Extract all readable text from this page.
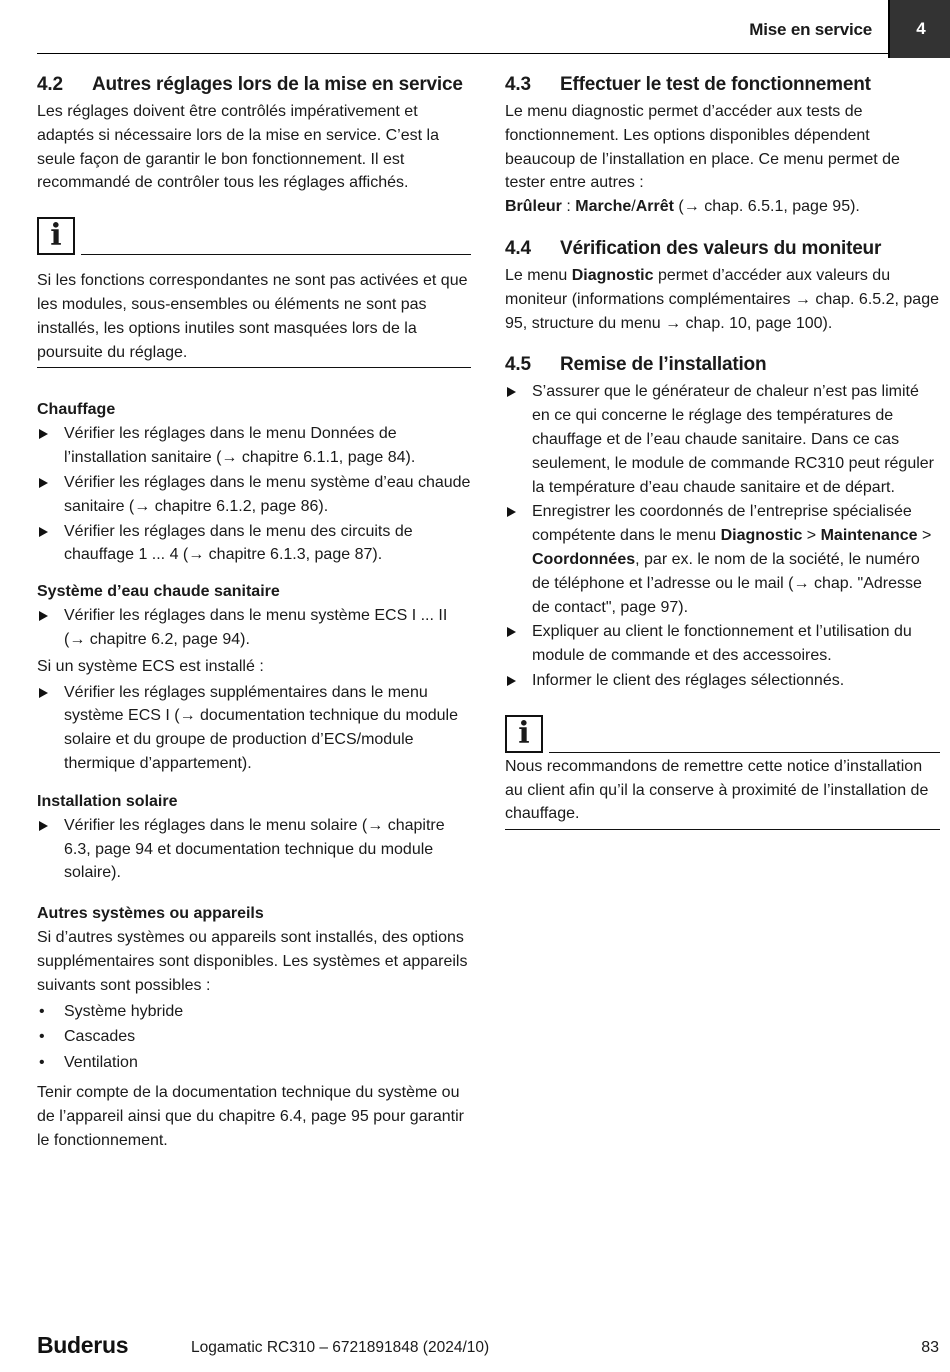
Mise en service	4
4.2 Autres réglages lors de la mise en service

Les réglages doivent être contrôlés impérativement et adaptés si nécessaire lors de la mise en service. C’est la seule façon de garantir le bon fonctionnement. Il est recommandé de contrôler tous les réglages affichés.

i
Si les fonctions correspondantes ne sont pas activées et que les modules, sous-ensembles ou éléments ne sont pas installés, les options inutiles sont masquées lors de la poursuite du réglage.
Chauffage
Vérifier les réglages dans le menu Données de l’installation sanitaire (→ chapitre 6.1.1, page 84).
Vérifier les réglages dans le menu système d’eau chaude sanitaire (→ chapitre 6.1.2, page 86).
Vérifier les réglages dans le menu des circuits de chauffage 1 ... 4 (→ chapitre 6.1.3, page 87).
Système d’eau chaude sanitaire
Vérifier les réglages dans le menu système ECS I ... II (→ chapitre 6.2, page 94).

Si un système ECS est installé :

Vérifier les réglages supplémentaires dans le menu système ECS I (→ documentation technique du module solaire et du groupe de production d’ECS/module thermique d’appartement).
Installation solaire
Vérifier les réglages dans le menu solaire (→ chapitre 6.3, page 94 et documentation technique du module solaire).
Autres systèmes ou appareils

Si d’autres systèmes ou appareils sont installés, des options supplémentaires sont disponibles. Les systèmes et appareils suivants sont possibles :

• Système hybride
• Cascades
• Ventilation

Tenir compte de la documentation technique du système ou de l’appareil ainsi que du chapitre 6.4, page 95 pour garantir le fonctionnement.

4.3 Effectuer le test de fonctionnement

Le menu diagnostic permet d’accéder aux tests de fonctionnement. Les options disponibles dépendent beaucoup de l’installation en place. Ce menu permet de tester entre autres :
Brûleur : Marche/Arrêt (→ chap. 6.5.1, page 95).

4.4 Vérification des valeurs du moniteur

Le menu Diagnostic permet d’accéder aux valeurs du moniteur (informations complémentaires → chap. 6.5.2, page 95, structure du menu → chap. 10, page 100).

4.5 Remise de l’installation
S’assurer que le générateur de chaleur n’est pas limité en ce qui concerne le réglage des températures de chauffage et de l’eau chaude sanitaire. Dans ce cas seulement, le module de commande RC310 peut réguler la température d’eau chaude sanitaire et de départ.
Enregistrer les coordonnés de l’entreprise spécialisée compétente dans le menu Diagnostic > Maintenance > Coordonnées, par ex. le nom de la société, le numéro de téléphone et l’adresse ou le mail (→ chap. "Adresse de contact", page 97).
Expliquer au client le fonctionnement et l’utilisation du module de commande et des accessoires.
Informer le client des réglages sélectionnés.
i
Nous recommandons de remettre cette notice d’installation au client afin qu’il la conserve à proximité de l’installation de chauffage.
Buderus	Logamatic RC310 – 6721891848 (2024/10)	83
